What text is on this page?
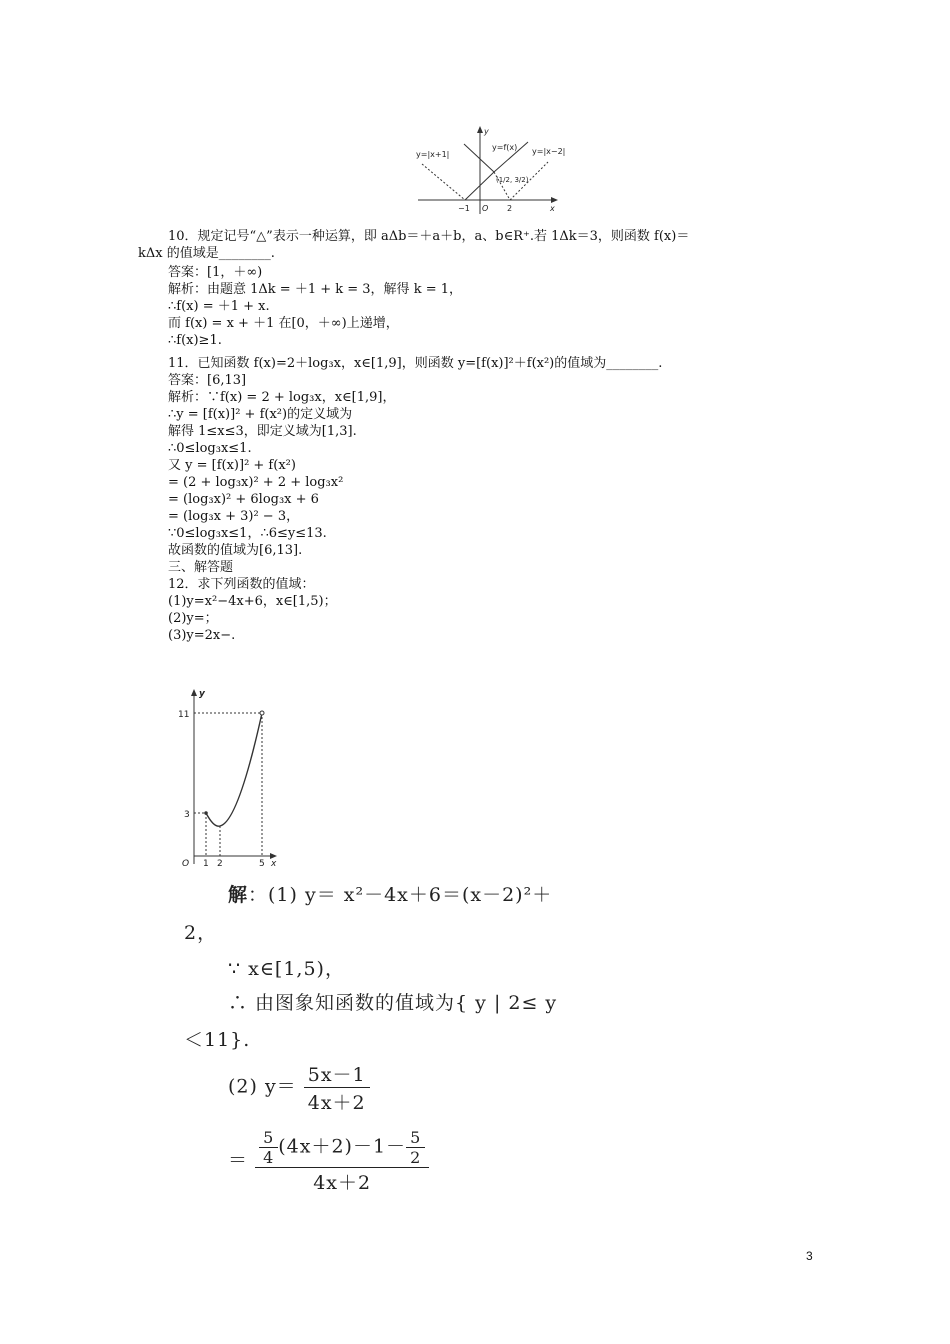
y
x
O
−1	2
y=|x+1|
y=f(x) y=|x−2|
(1/2, 3/2)
10．规定记号“△”表示一种运算，即 aΔb＝＋a＋b，a、b∈R⁺.若 1Δk＝3，则函数 f(x)＝
kΔx 的值域是________.
答案：[1，＋∞)
解析：由题意 1Δk = ＋1 + k = 3，解得 k = 1，
∴f(x) = ＋1 + x.
而 f(x) = x + ＋1 在[0，＋∞)上递增，
∴f(x)≥1.
11．已知函数 f(x)=2＋log₃x，x∈[1,9]，则函数 y=[f(x)]²＋f(x²)的值域为________.
答案：[6,13]
解析：∵f(x) = 2 + log₃x，x∈[1,9]，
∴y = [f(x)]² + f(x²)的定义域为
解得 1≤x≤3，即定义域为[1,3].
∴0≤log₃x≤1.
又 y = [f(x)]² + f(x²)
= (2 + log₃x)² + 2 + log₃x²
= (log₃x)² + 6log₃x + 6
= (log₃x + 3)² − 3，
∵0≤log₃x≤1，∴6≤y≤13.
故函数的值域为[6,13].
三、解答题
12．求下列函数的值域：
(1)y=x²−4x+6，x∈[1,5)；
(2)y=；
(3)y=2x−.
y
x
O
11
3
1 2	5
解：(1) y＝ x²－4x＋6＝(x－2)²＋
2，
∵ x∈[1,5)，
∴ 由图象知函数的值域为{ y | 2≤ y
＜11}.
(2) $y= \frac{5x-1}{4x+2}$
＝ $\frac{\frac{5}{4} (4x+2)-1- \frac{5}{2}}{4x+2}$
3
